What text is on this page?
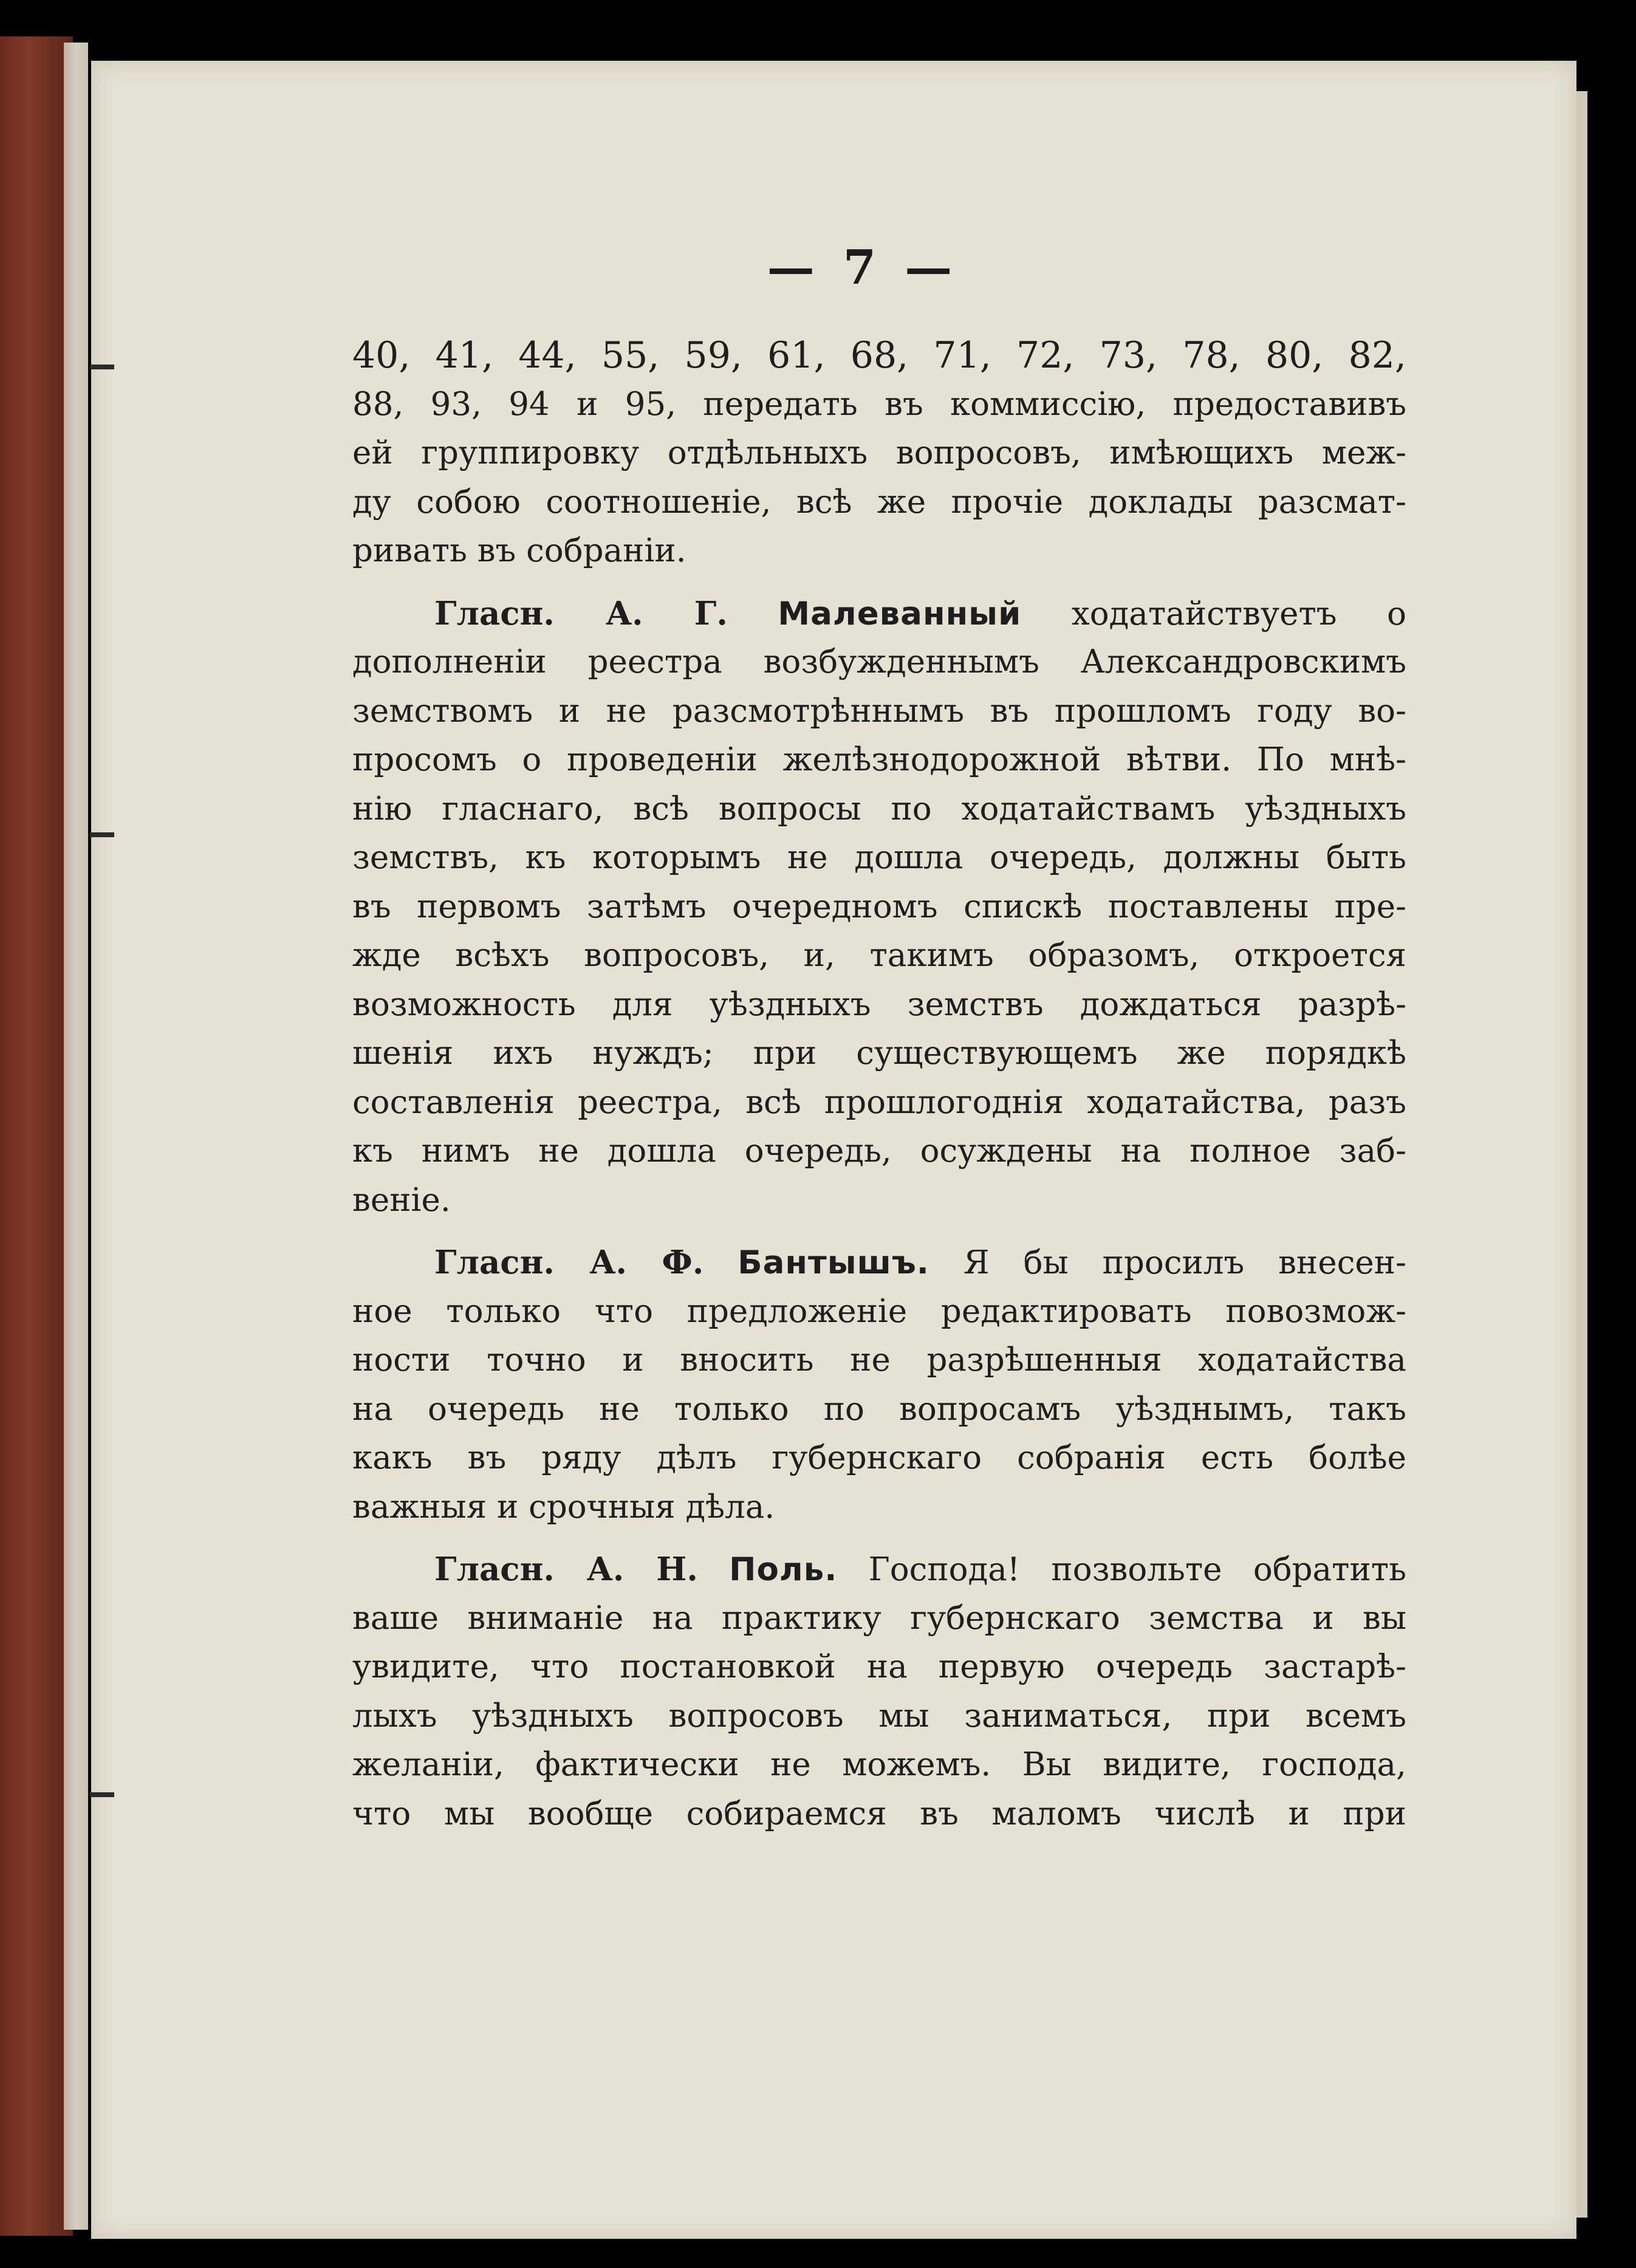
— 7 —
40, 41, 44, 55, 59, 61, 68, 71, 72, 73, 78, 80, 82,
88, 93, 94 и 95, передать въ коммиссію, предоставивъ
ей группировку отдѣльныхъ вопросовъ, имѣющихъ меж-
ду собою соотношеніе, всѣ же прочіе доклады разсмат-
ривать въ собраніи.
Гласн. А. Г. Малеванный ходатайствуетъ о
дополненіи реестра возбужденнымъ Александровскимъ
земствомъ и не разсмотрѣннымъ въ прошломъ году во-
просомъ о проведеніи желѣзнодорожной вѣтви. По мнѣ-
нію гласнаго, всѣ вопросы по ходатайствамъ уѣздныхъ
земствъ, къ которымъ не дошла очередь, должны быть
въ первомъ затѣмъ очередномъ спискѣ поставлены пре-
жде всѣхъ вопросовъ, и, такимъ образомъ, откроется
возможность для уѣздныхъ земствъ дождаться разрѣ-
шенія ихъ нуждъ; при существующемъ же порядкѣ
составленія реестра, всѣ прошлогоднія ходатайства, разъ
къ нимъ не дошла очередь, осуждены на полное заб-
веніе.
Гласн. А. Ф. Бантышъ. Я бы просилъ внесен-
ное только что предложеніе редактировать повозмож-
ности точно и вносить не разрѣшенныя ходатайства
на очередь не только по вопросамъ уѣзднымъ, такъ
какъ въ ряду дѣлъ губернскаго собранія есть болѣе
важныя и срочныя дѣла.
Гласн. А. Н. Поль. Господа! позвольте обратить
ваше вниманіе на практику губернскаго земства и вы
увидите, что постановкой на первую очередь застарѣ-
лыхъ уѣздныхъ вопросовъ мы заниматься, при всемъ
желаніи, фактически не можемъ. Вы видите, господа,
что мы вообще собираемся въ маломъ числѣ и при
